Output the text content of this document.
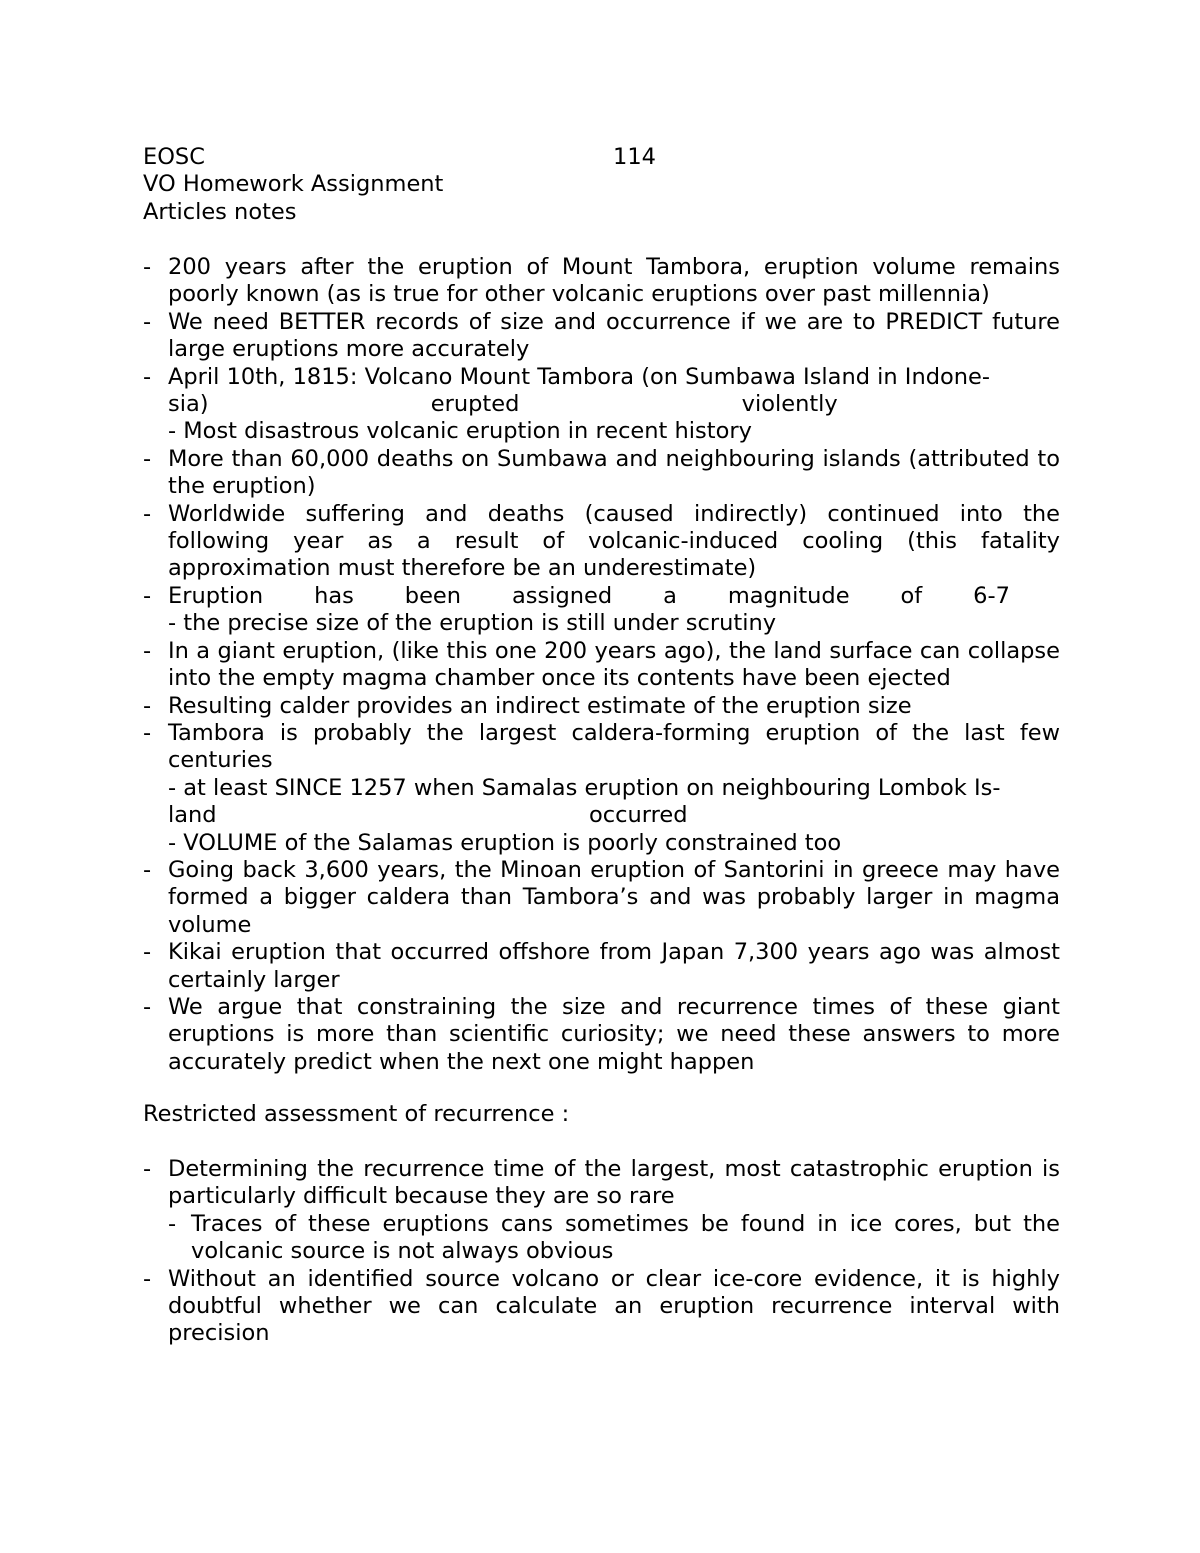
EOSC	114
VO Homework Assignment
Articles notes
- 200 years after the eruption of Mount Tambora, eruption volume remains poorly known (as is true for other volcanic eruptions over past millennia)
- We need BETTER records of size and occurrence if we are to PREDICT future large eruptions more accurately
- April 10th, 1815: Volcano Mount Tambora (on Sumbawa Island in Indone-
sia)	erupted	violently
- Most disastrous volcanic eruption in recent history
- More than 60,000 deaths on Sumbawa and neighbouring islands (attributed to the eruption)
- Worldwide suffering and deaths (caused indirectly) continued into the following year as a result of volcanic-induced cooling (this fatality approximation must therefore be an underestimate)
- Eruption has been assigned a magnitude of 6-7
- the precise size of the eruption is still under scrutiny
- In a giant eruption, (like this one 200 years ago), the land surface can collapse into the empty magma chamber once its contents have been ejected
- Resulting calder provides an indirect estimate of the eruption size
- Tambora is probably the largest caldera-forming eruption of the last few centuries
- at least SINCE 1257 when Samalas eruption on neighbouring Lombok Is-
land	occurred
- VOLUME of the Salamas eruption is poorly constrained too
- Going back 3,600 years, the Minoan eruption of Santorini in greece may have formed a bigger caldera than Tambora’s and was probably larger in magma volume
- Kikai eruption that occurred offshore from Japan 7,300 years ago was almost certainly larger
- We argue that constraining the size and recurrence times of these giant eruptions is more than scientific curiosity; we need these answers to more accurately predict when the next one might happen
Restricted assessment of recurrence :
- Determining the recurrence time of the largest, most catastrophic eruption is particularly difficult because they are so rare
- Traces of these eruptions cans sometimes be found in ice cores, but the volcanic source is not always obvious
- Without an identified source volcano or clear ice-core evidence, it is highly doubtful whether we can calculate an eruption recurrence interval with precision
